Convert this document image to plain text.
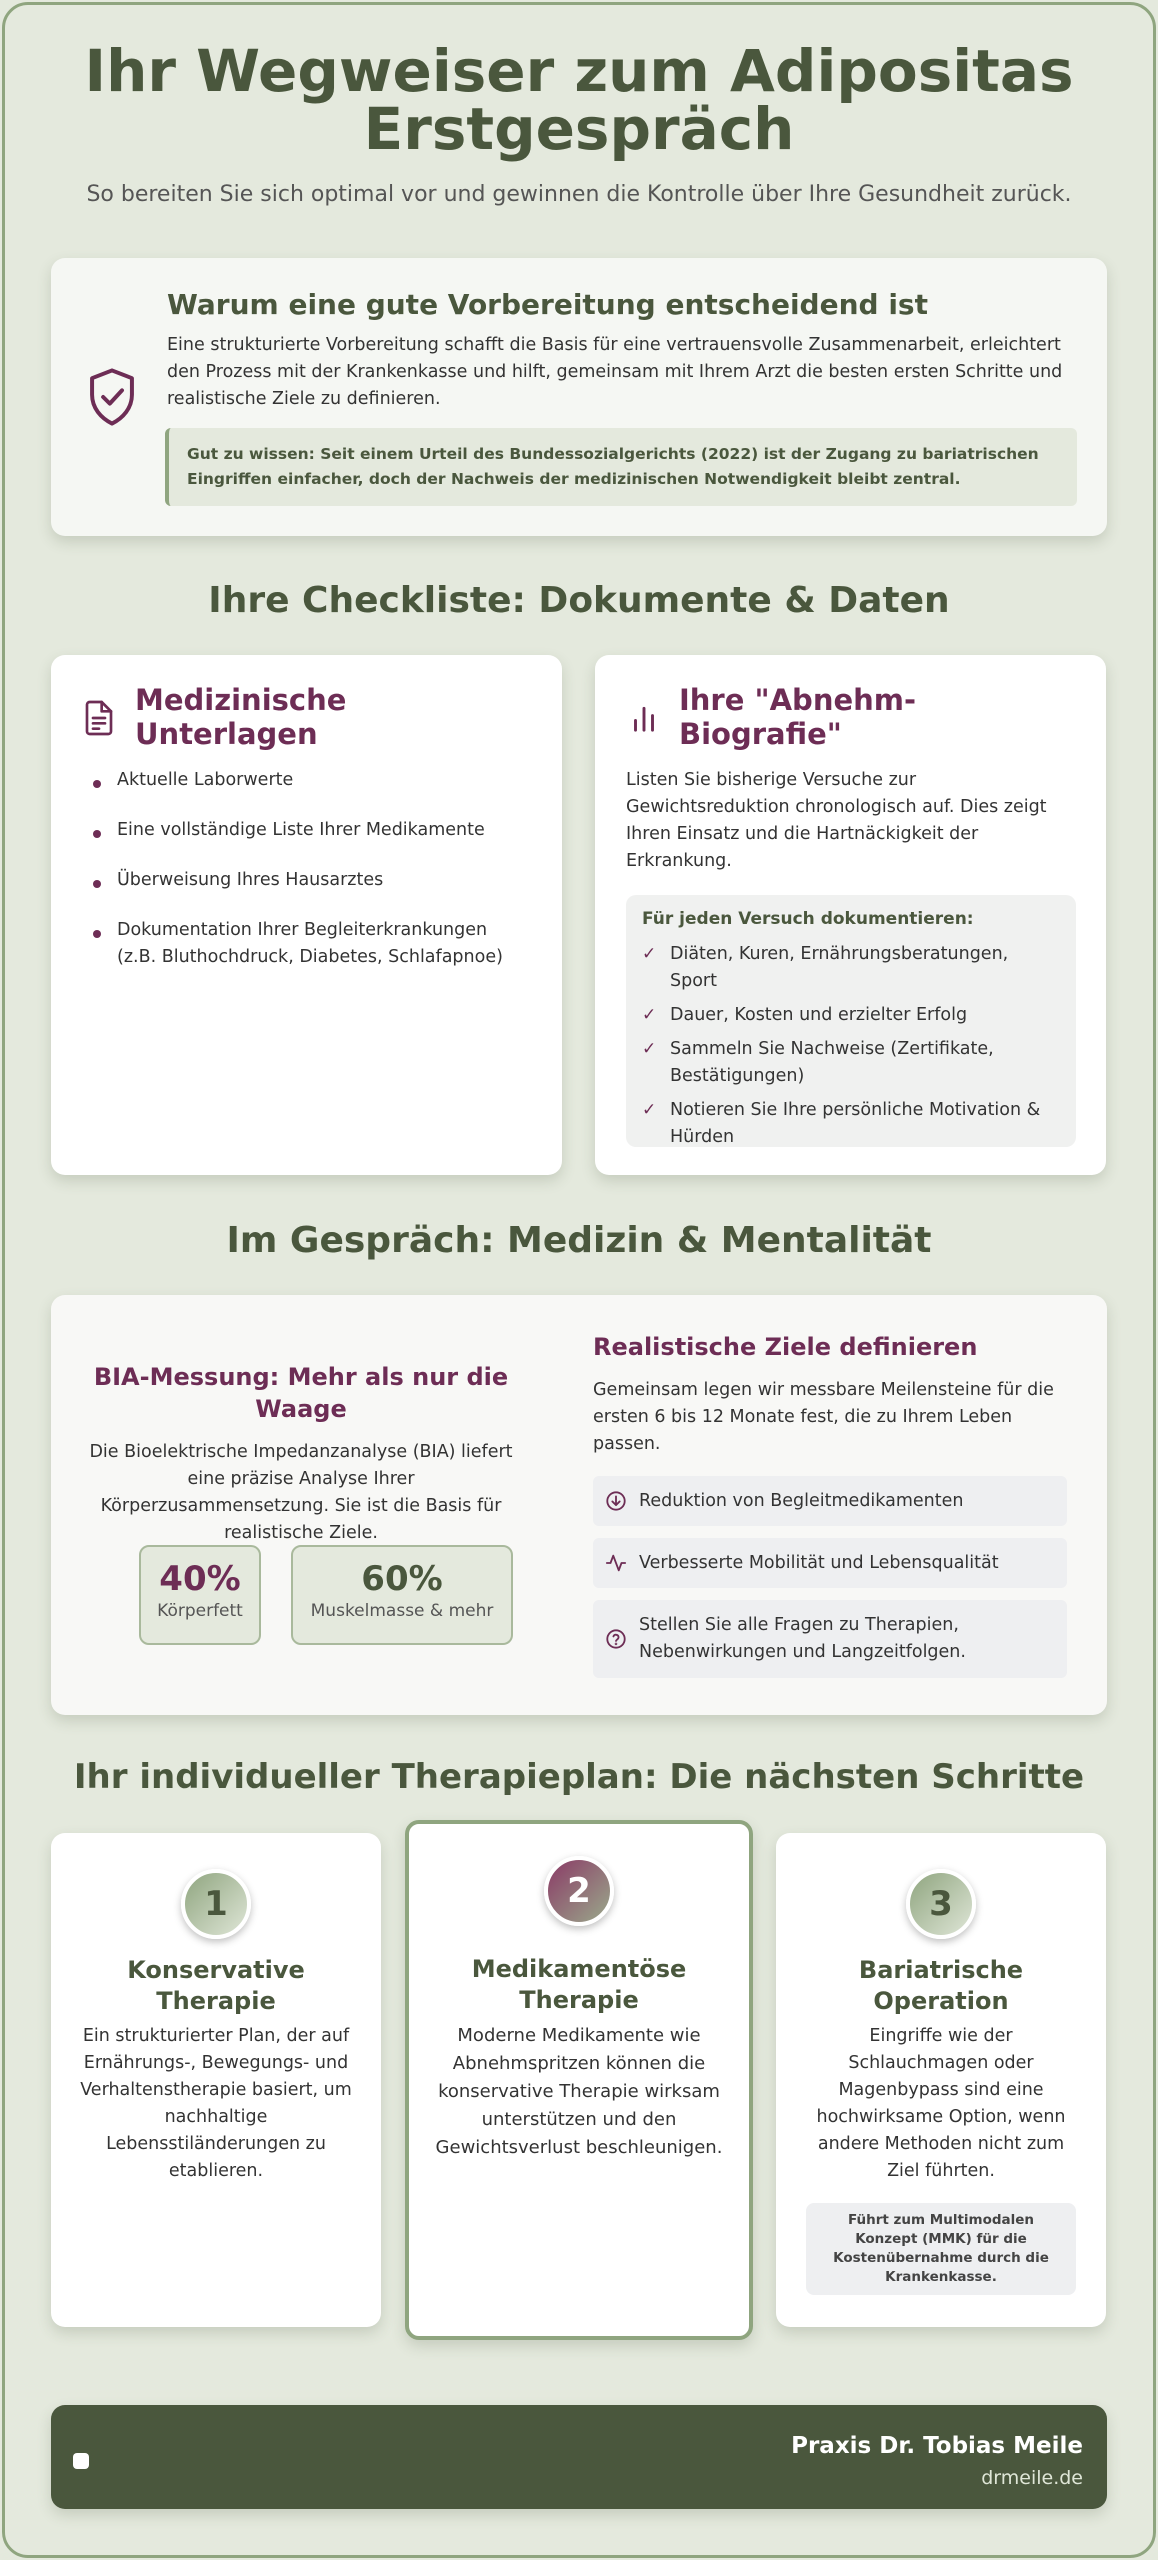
Ihr Wegweiser zum Adipositas
Erstgespräch

So bereiten Sie sich optimal vor und gewinnen die Kontrolle über Ihre Gesundheit zurück.

Warum eine gute Vorbereitung entscheidend ist

Eine strukturierte Vorbereitung schafft die Basis für eine vertrauensvolle Zusammenarbeit, erleichtert den Prozess mit der Krankenkasse und hilft, gemeinsam mit Ihrem Arzt die besten ersten Schritte und realistische Ziele zu definieren.

Gut zu wissen: Seit einem Urteil des Bundessozialgerichts (2022) ist der Zugang zu bariatrischen Eingriffen einfacher, doch der Nachweis der medizinischen Notwendigkeit bleibt zentral.
Ihre Checkliste: Dokumente & Daten
Medizinische
Unterlagen
Aktuelle Laborwerte
Eine vollständige Liste Ihrer Medikamente
Überweisung Ihres Hausarztes
Dokumentation Ihrer Begleiterkrankungen (z.B. Bluthochdruck, Diabetes, Schlafapnoe)
Ihre "Abnehm-
Biografie"

Listen Sie bisherige Versuche zur Gewichtsreduktion chronologisch auf. Dies zeigt Ihren Einsatz und die Hartnäckigkeit der Erkrankung.

Für jeden Versuch dokumentieren:
✓ Diäten, Kuren, Ernährungsberatungen, Sport
✓ Dauer, Kosten und erzielter Erfolg
✓ Sammeln Sie Nachweise (Zertifikate, Bestätigungen)
✓ Notieren Sie Ihre persönliche Motivation & Hürden
Im Gespräch: Medizin & Mentalität
BIA-Messung: Mehr als nur die Waage

Die Bioelektrische Impedanzanalyse (BIA) liefert eine präzise Analyse Ihrer Körperzusammensetzung. Sie ist die Basis für realistische Ziele.

40%
Körperfett
60%
Muskelmasse & mehr
Realistische Ziele definieren

Gemeinsam legen wir messbare Meilensteine für die ersten 6 bis 12 Monate fest, die zu Ihrem Leben passen.

Reduktion von Begleitmedikamenten
Verbesserte Mobilität und Lebensqualität
Stellen Sie alle Fragen zu Therapien, Nebenwirkungen und Langzeitfolgen.
Ihr individueller Therapieplan: Die nächsten Schritte
1
Konservative
Therapie

Ein strukturierter Plan, der auf Ernährungs-, Bewegungs- und Verhaltenstherapie basiert, um nachhaltige Lebensstiländerungen zu etablieren.

2
Medikamentöse
Therapie

Moderne Medikamente wie Abnehmspritzen können die konservative Therapie wirksam unterstützen und den Gewichtsverlust beschleunigen.

3
Bariatrische
Operation

Eingriffe wie der Schlauchmagen oder Magenbypass sind eine hochwirksame Option, wenn andere Methoden nicht zum Ziel führten.

Führt zum Multimodalen Konzept (MMK) für die Kostenübernahme durch die Krankenkasse.
Praxis Dr. Tobias Meile
drmeile.de
